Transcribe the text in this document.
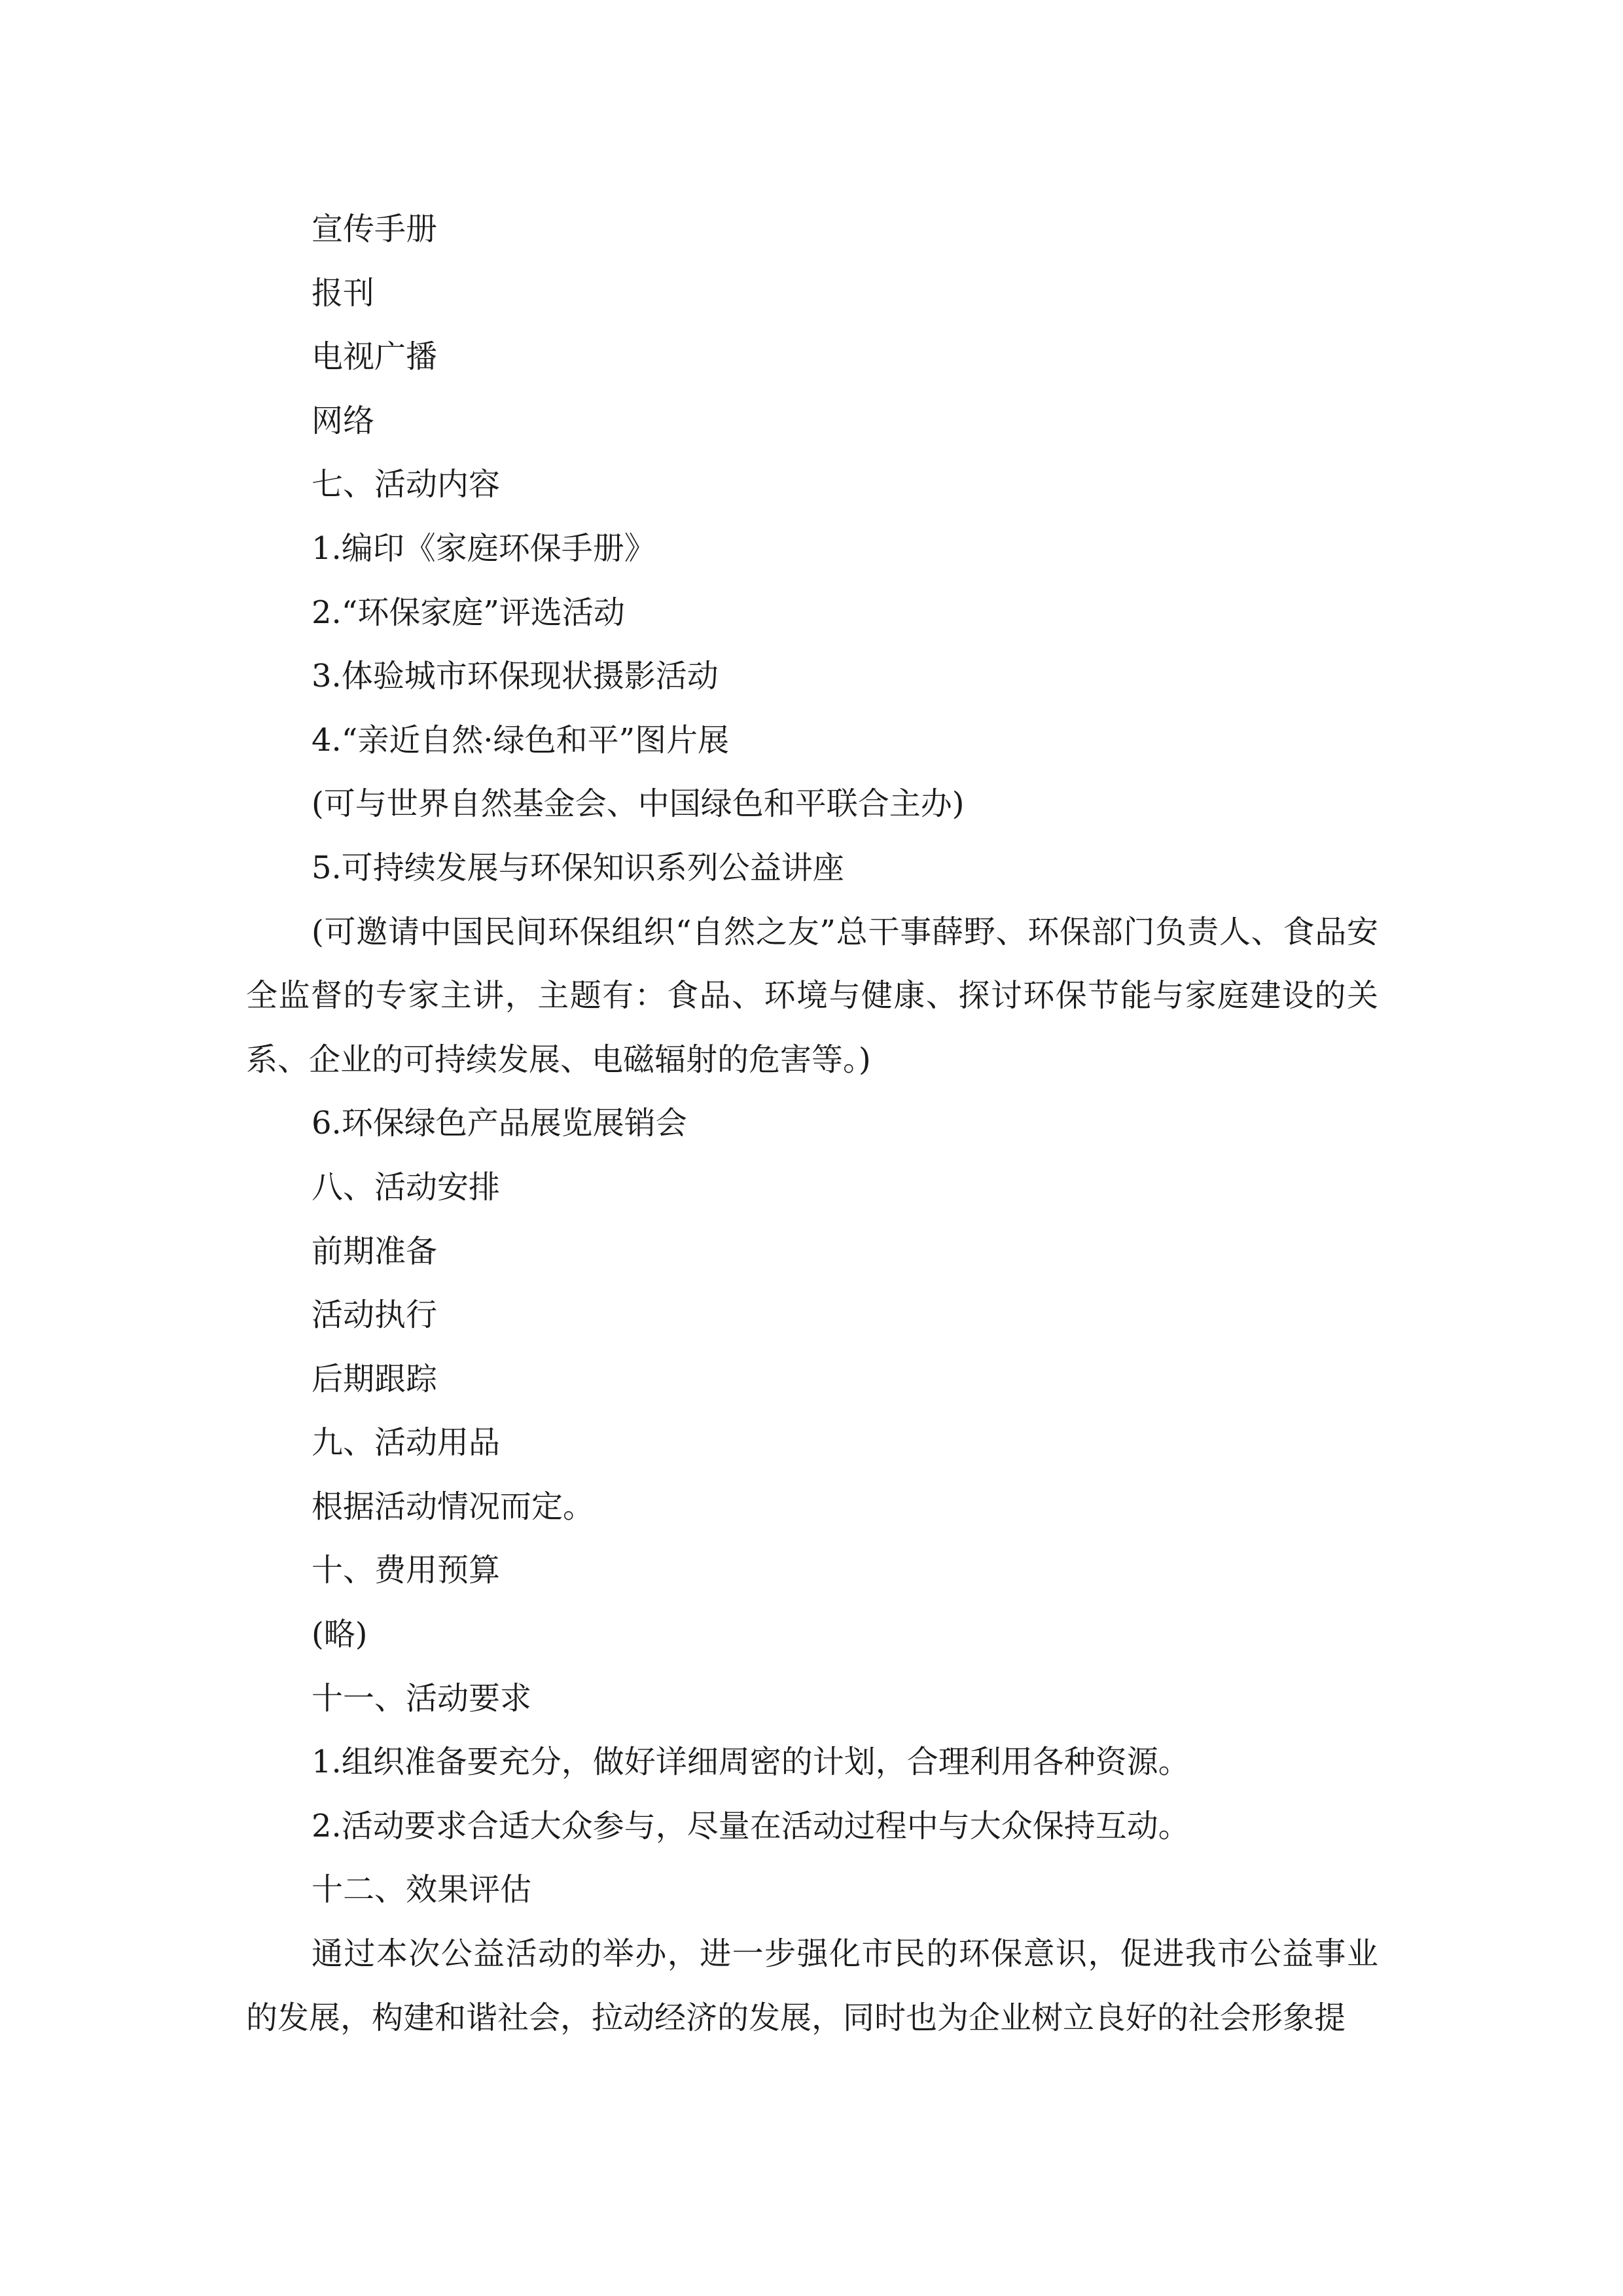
宣传手册

报刊

电视广播

网络

七、活动内容

1.编印《家庭环保手册》

2.“环保家庭”评选活动

3.体验城市环保现状摄影活动

4.“亲近自然·绿色和平”图片展

(可与世界自然基金会、中国绿色和平联合主办)

5.可持续发展与环保知识系列公益讲座

(可邀请中国民间环保组织“自然之友”总干事薛野、环保部门负责人、食品安全监督的专家主讲，主题有：食品、环境与健康、探讨环保节能与家庭建设的关系、企业的可持续发展、电磁辐射的危害等。)

6.环保绿色产品展览展销会

八、活动安排

前期准备

活动执行

后期跟踪

九、活动用品

根据活动情况而定。

十、费用预算

(略)

十一、活动要求

1.组织准备要充分，做好详细周密的计划，合理利用各种资源。

2.活动要求合适大众参与，尽量在活动过程中与大众保持互动。

十二、效果评估

通过本次公益活动的举办，进一步强化市民的环保意识，促进我市公益事业的发展，构建和谐社会，拉动经济的发展，同时也为企业树立良好的社会形象提
